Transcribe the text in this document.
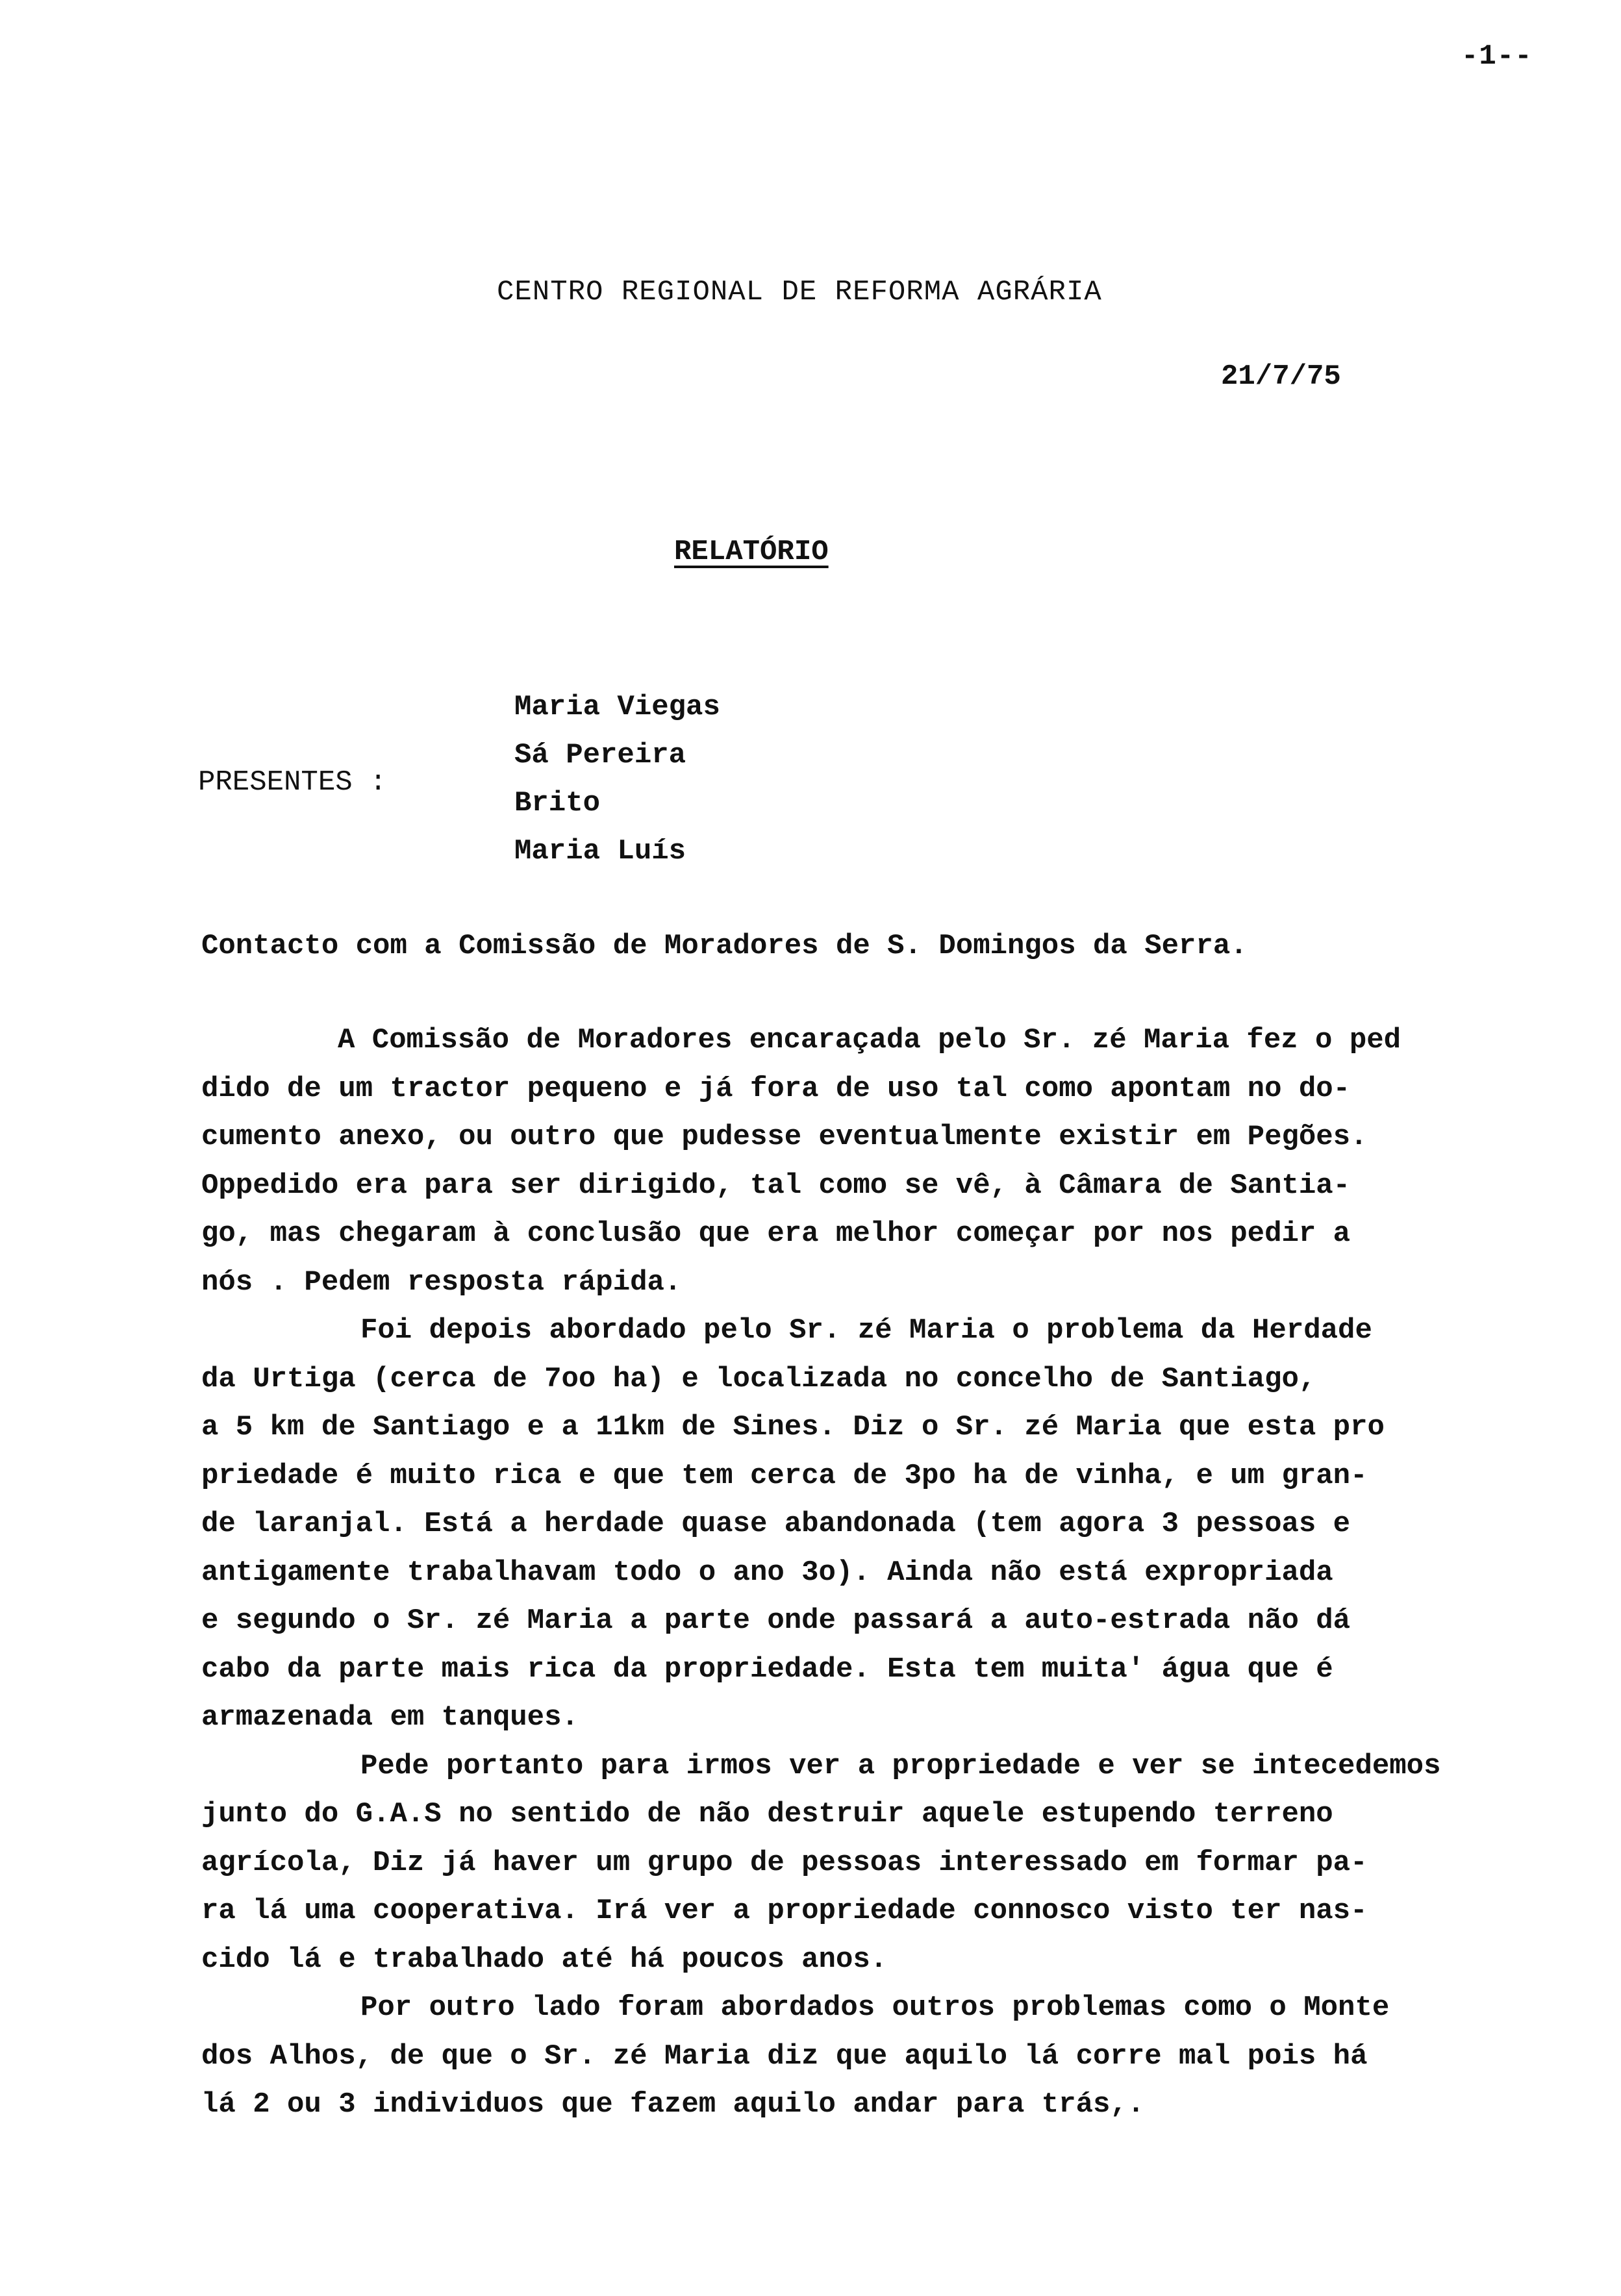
-1--
CENTRO REGIONAL DE REFORMA AGRÁRIA
21/7/75
RELATÓRIO
PRESENTES :
Maria Viegas
Sá Pereira
Brito
Maria Luís
Contacto com a Comissão de Moradores de S. Domingos da Serra.
A Comissão de Moradores encaraçada pelo Sr. zé Maria fez o ped
dido de um tractor pequeno e já fora de uso tal como apontam no do-
cumento anexo, ou outro que pudesse eventualmente existir em Pegões.
Oppedido era para ser dirigido, tal como se vê, à Câmara de Santia-
go, mas chegaram à conclusão que era melhor começar por nos pedir a
nós . Pedem resposta rápida.
Foi depois abordado pelo Sr. zé Maria o problema da Herdade
da Urtiga (cerca de 7oo ha) e localizada no concelho de Santiago,
a 5 km de Santiago e a 11km de Sines. Diz o Sr. zé Maria que esta pro
priedade é muito rica e que tem cerca de 3po ha de vinha, e um gran-
de laranjal. Está a herdade quase abandonada (tem agora 3 pessoas e
antigamente trabalhavam todo o ano 3o). Ainda não está expropriada
e segundo o Sr. zé Maria a parte onde passará a auto-estrada não dá
cabo da parte mais rica da propriedade. Esta tem muita' água que é
armazenada em tanques.
Pede portanto para irmos ver a propriedade e ver se intecedemos
junto do G.A.S no sentido de não destruir aquele estupendo terreno
agrícola, Diz já haver um grupo de pessoas interessado em formar pa-
ra lá uma cooperativa. Irá ver a propriedade connosco visto ter nas-
cido lá e trabalhado até há poucos anos.
Por outro lado foram abordados outros problemas como o Monte
dos Alhos, de que o Sr. zé Maria diz que aquilo lá corre mal pois há
lá 2 ou 3 individuos que fazem aquilo andar para trás,.
